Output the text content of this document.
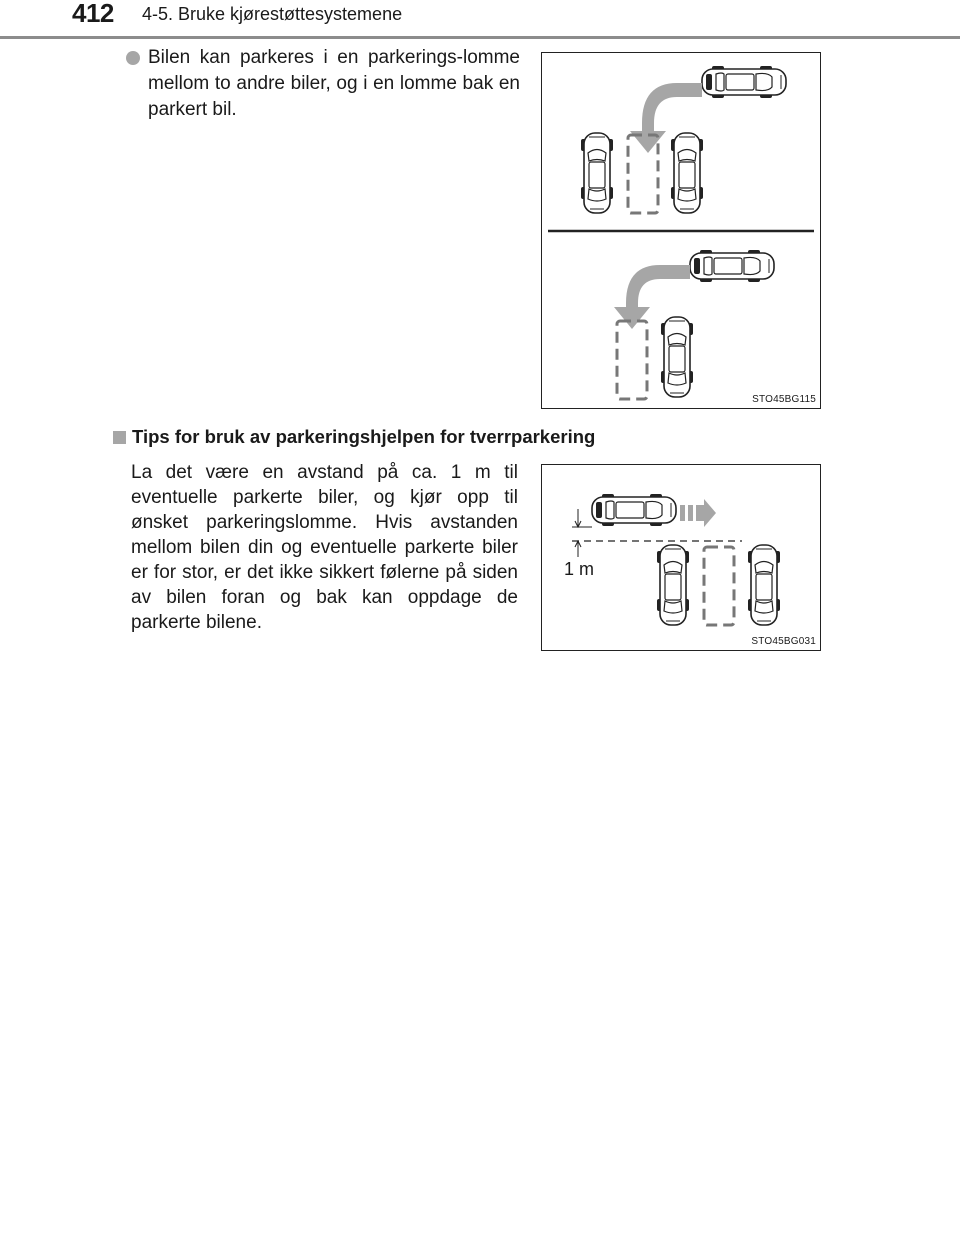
412 4-5. Bruke kjørestøttesystemene
Bilen kan parkeres i en parkerings-lomme mellom to andre biler, og i en lomme bak en parkert bil.
STO45BG115
Tips for bruk av parkeringshjelpen for tverrparkering
La det være en avstand på ca. 1 m til eventuelle parkerte biler, og kjør opp til ønsket parkeringslomme. Hvis avstanden mellom bilen din og eventuelle parkerte biler er for stor, er det ikke sikkert følerne på siden av bilen foran og bak kan oppdage de parkerte bilene.
1 m
STO45BG031
